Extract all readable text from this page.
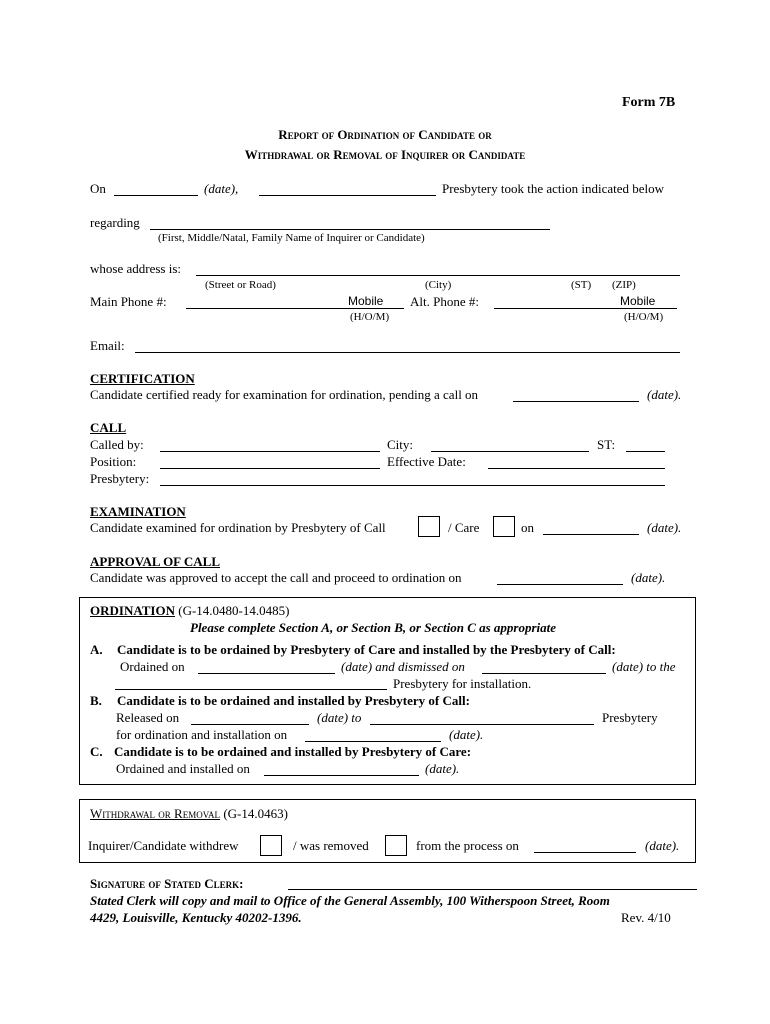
Form 7B
Report of Ordination of Candidate or
Withdrawal or Removal of Inquirer or Candidate
On	(date),	Presbytery took the action indicated below
regarding
(First, Middle/Natal, Family Name of Inquirer or Candidate)
whose address is:
(Street or Road)	(City)	(ST) (ZIP)
Main Phone #:	Mobile Alt. Phone #:	Mobile
(H/O/M)	(H/O/M)
Email:
CERTIFICATION
Candidate certified ready for examination for ordination, pending a call on	(date).
CALL
Called by:	City:	ST:
Position:	Effective Date:
Presbytery:
EXAMINATION
Candidate examined for ordination by Presbytery of Call	/ Care	on	(date).
APPROVAL OF CALL
Candidate was approved to accept the call and proceed to ordination on	(date).
ORDINATION (G-14.0480-14.0485)
Please complete Section A, or Section B, or Section C as appropriate
A. Candidate is to be ordained by Presbytery of Care and installed by the Presbytery of Call:
Ordained on	(date) and dismissed on	(date) to the
Presbytery for installation.
B. Candidate is to be ordained and installed by Presbytery of Call:
Released on	(date) to	Presbytery
for ordination and installation on	(date).
C. Candidate is to be ordained and installed by Presbytery of Care:
Ordained and installed on	(date).
Withdrawal or Removal (G-14.0463)
Inquirer/Candidate withdrew	/ was removed	from the process on	(date).
Signature of Stated Clerk:
Stated Clerk will copy and mail to Office of the General Assembly, 100 Witherspoon Street, Room
4429, Louisville, Kentucky 40202-1396.	Rev. 4/10
